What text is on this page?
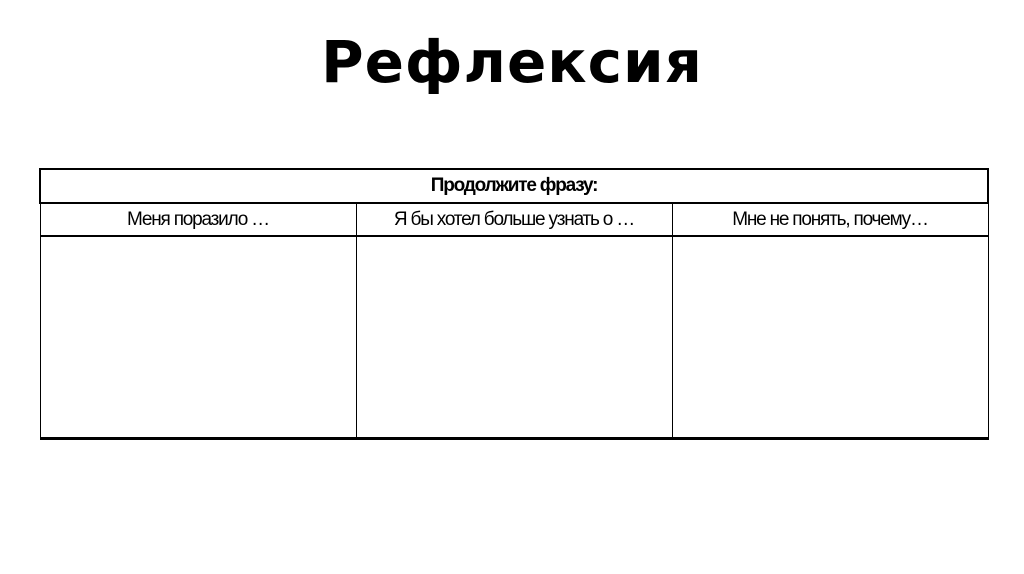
Рефлексия
Продолжите фразу:		
Меня поразило …	Я бы хотел больше узнать о …	Мне не понять, почему…
